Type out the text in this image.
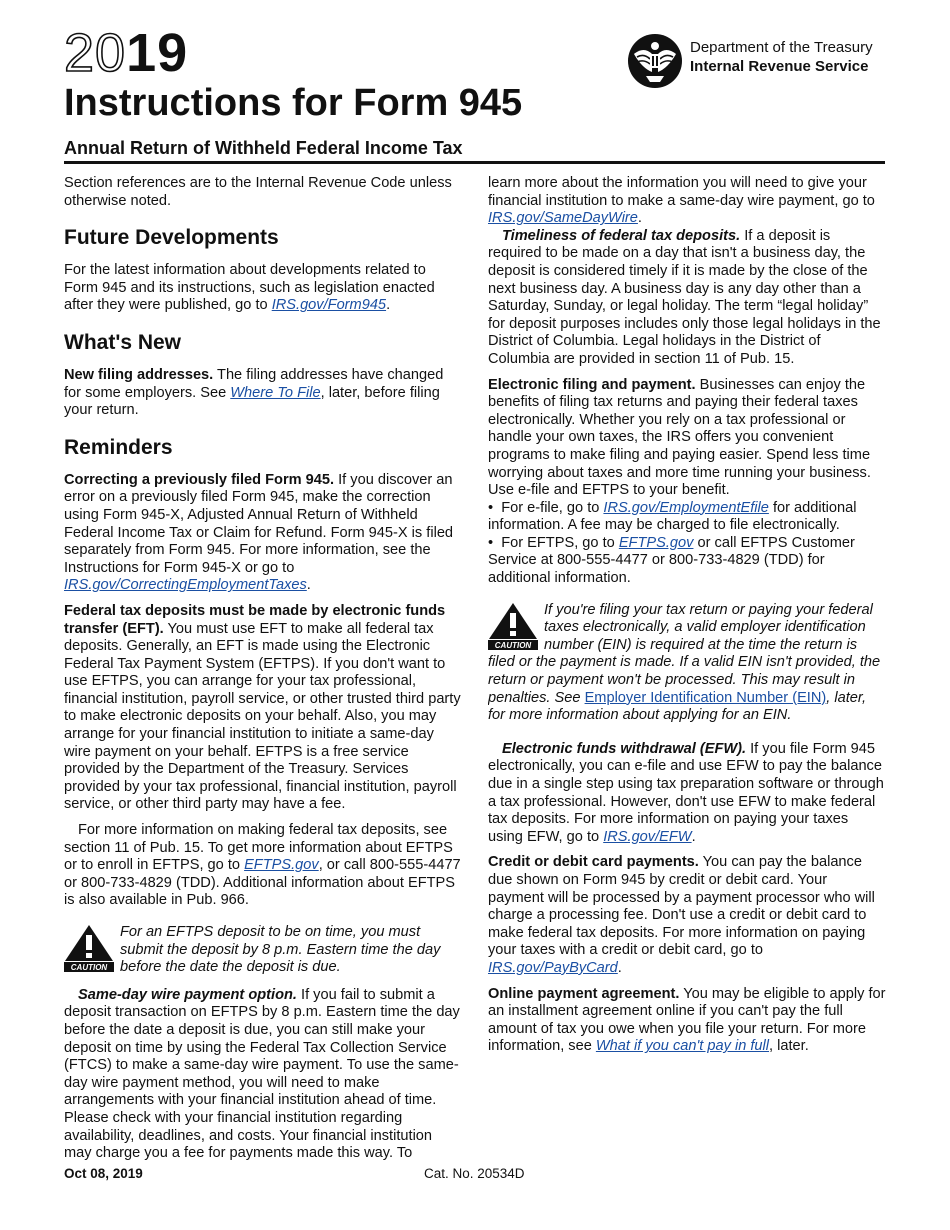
2019
Instructions for Form 945
Department of the Treasury
Internal Revenue Service
Annual Return of Withheld Federal Income Tax

Section references are to the Internal Revenue Code unless otherwise noted.

Future Developments

For the latest information about developments related to Form 945 and its instructions, such as legislation enacted after they were published, go to IRS.gov/Form945.

What's New

New filing addresses. The filing addresses have changed for some employers. See Where To File, later, before filing your return.

Reminders

Correcting a previously filed Form 945. If you discover an error on a previously filed Form 945, make the correction using Form 945-X, Adjusted Annual Return of Withheld Federal Income Tax or Claim for Refund. Form 945-X is filed separately from Form 945. For more information, see the Instructions for Form 945-X or go to IRS.gov/CorrectingEmploymentTaxes.

Federal tax deposits must be made by electronic funds transfer (EFT). You must use EFT to make all federal tax deposits. Generally, an EFT is made using the Electronic Federal Tax Payment System (EFTPS). If you don't want to use EFTPS, you can arrange for your tax professional, financial institution, payroll service, or other trusted third party to make electronic deposits on your behalf. Also, you may arrange for your financial institution to initiate a same-day wire payment on your behalf. EFTPS is a free service provided by the Department of the Treasury. Services provided by your tax professional, financial institution, payroll service, or other third party may have a fee.

For more information on making federal tax deposits, see section 11 of Pub. 15. To get more information about EFTPS or to enroll in EFTPS, go to EFTPS.gov, or call 800-555-4477 or 800-733-4829 (TDD). Additional information about EFTPS is also available in Pub. 966.

For an EFTPS deposit to be on time, you must submit the deposit by 8 p.m. Eastern time the day before the date the deposit is due.

Same-day wire payment option. If you fail to submit a deposit transaction on EFTPS by 8 p.m. Eastern time the day before the date a deposit is due, you can still make your deposit on time by using the Federal Tax Collection Service (FTCS) to make a same-day wire payment. To use the same-day wire payment method, you will need to make arrangements with your financial institution ahead of time. Please check with your financial institution regarding availability, deadlines, and costs. Your financial institution may charge you a fee for payments made this way. To

learn more about the information you will need to give your financial institution to make a same-day wire payment, go to IRS.gov/SameDayWire.

Timeliness of federal tax deposits. If a deposit is required to be made on a day that isn't a business day, the deposit is considered timely if it is made by the close of the next business day. A business day is any day other than a Saturday, Sunday, or legal holiday. The term “legal holiday” for deposit purposes includes only those legal holidays in the District of Columbia. Legal holidays in the District of Columbia are provided in section 11 of Pub. 15.

Electronic filing and payment. Businesses can enjoy the benefits of filing tax returns and paying their federal taxes electronically. Whether you rely on a tax professional or handle your own taxes, the IRS offers you convenient programs to make filing and paying easier. Spend less time worrying about taxes and more time running your business. Use e-file and EFTPS to your benefit.

•  For e-file, go to IRS.gov/EmploymentEfile for additional information. A fee may be charged to file electronically.

•  For EFTPS, go to EFTPS.gov or call EFTPS Customer Service at 800-555-4477 or 800-733-4829 (TDD) for additional information.

If you're filing your tax return or paying your federal taxes electronically, a valid employer identification number (EIN) is required at the time the return is filed or the payment is made. If a valid EIN isn't provided, the return or payment won't be processed. This may result in penalties. See Employer Identification Number (EIN), later, for more information about applying for an EIN.

Electronic funds withdrawal (EFW). If you file Form 945 electronically, you can e-file and use EFW to pay the balance due in a single step using tax preparation software or through a tax professional. However, don't use EFW to make federal tax deposits. For more information on paying your taxes using EFW, go to IRS.gov/EFW.

Credit or debit card payments. You can pay the balance due shown on Form 945 by credit or debit card. Your payment will be processed by a payment processor who will charge a processing fee. Don't use a credit or debit card to make federal tax deposits. For more information on paying your taxes with a credit or debit card, go to IRS.gov/PayByCard.

Online payment agreement. You may be eligible to apply for an installment agreement online if you can't pay the full amount of tax you owe when you file your return. For more information, see What if you can't pay in full, later.

Oct 08, 2019	Cat. No. 20534D
